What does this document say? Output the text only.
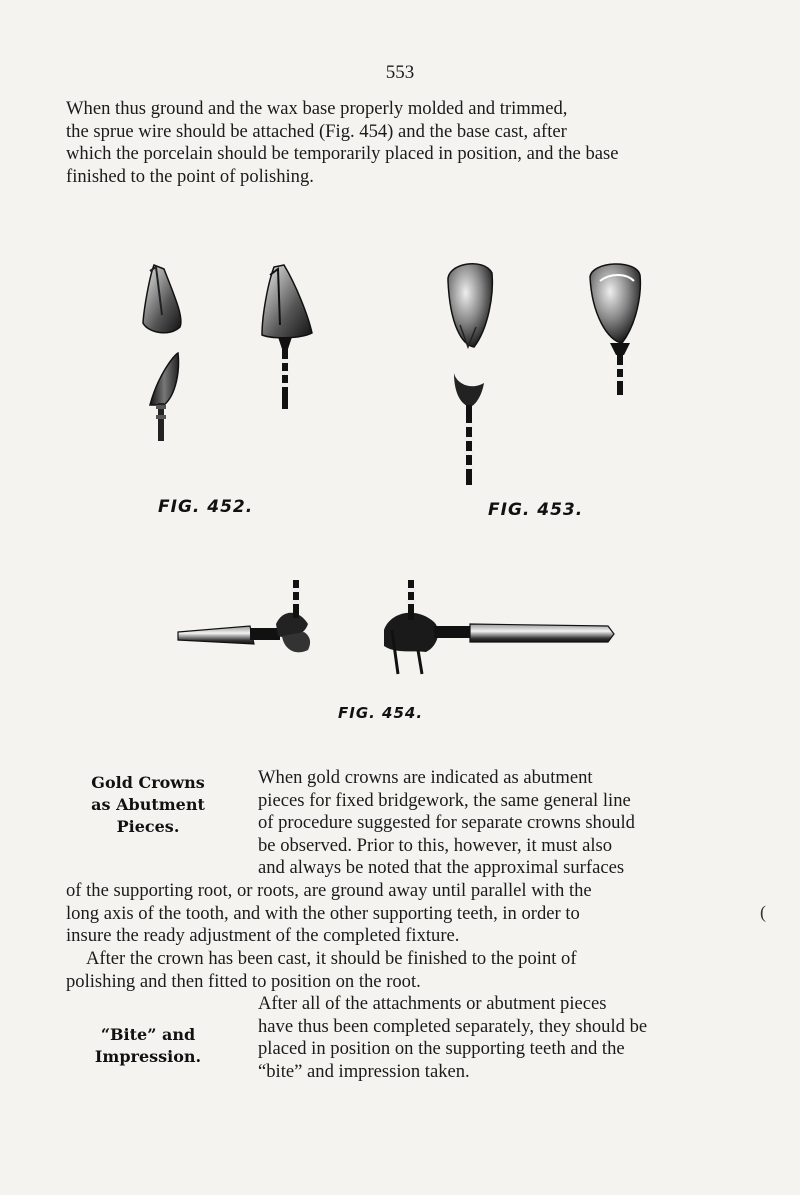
553
When thus ground and the wax base properly molded and trimmed,
the sprue wire should be attached (Fig. 454) and the base cast, after
which the porcelain should be temporarily placed in position, and the base
finished to the point of polishing.
FIG. 452.	FIG. 453.
FIG. 454.
Gold Crowns
as Abutment
Pieces.
When gold crowns are indicated as abutment
pieces for fixed bridgework, the same general line
of procedure suggested for separate crowns should
be observed. Prior to this, however, it must also
and always be noted that the approximal surfaces
of the supporting root, or roots, are ground away until parallel with the
long axis of the tooth, and with the other supporting teeth, in order to
insure the ready adjustment of the completed fixture.
After the crown has been cast, it should be finished to the point of
polishing and then fitted to position on the root.
“Bite” and
Impression.
After all of the attachments or abutment pieces
have thus been completed separately, they should be
placed in position on the supporting teeth and the
“bite” and impression taken.
(
